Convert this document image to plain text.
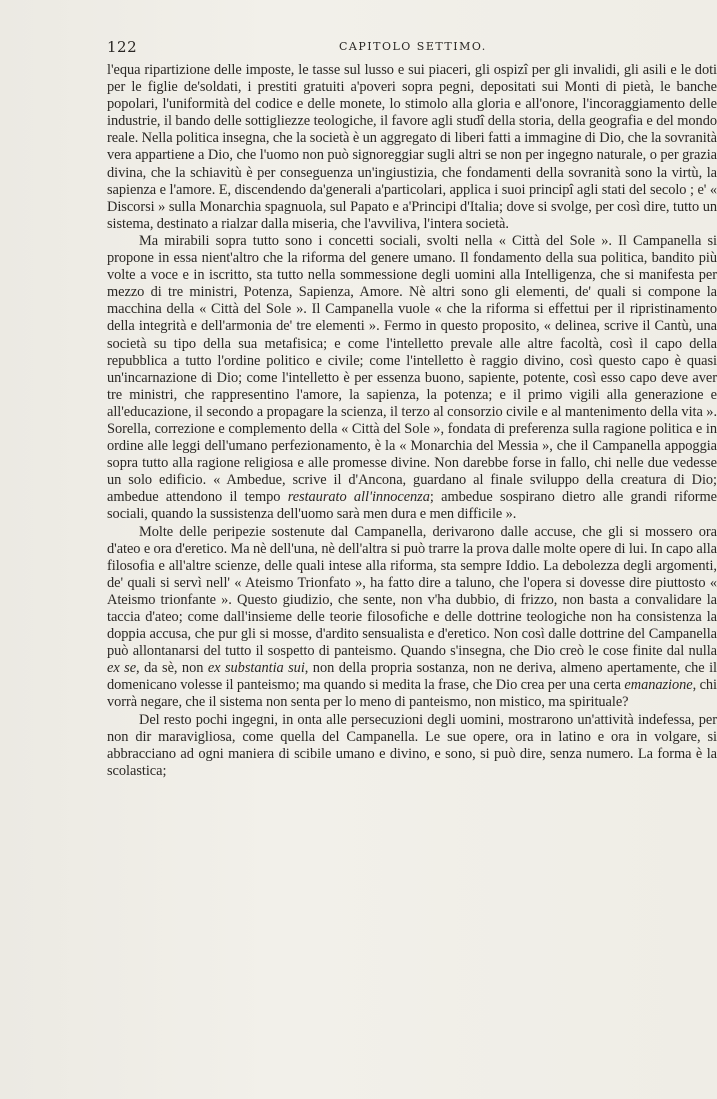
122	CAPITOLO SETTIMO.

l'equa ripartizione delle imposte, le tasse sul lusso e sui piaceri, gli ospizî per gli invalidi, gli asili e le doti per le figlie de'soldati, i prestiti gratuiti a'poveri sopra pegni, depositati sui Monti di pietà, le banche popolari, l'uniformità del codice e delle monete, lo stimolo alla gloria e all'onore, l'incoraggiamento delle industrie, il bando delle sottigliezze teologiche, il favore agli studî della storia, della geografia e del mondo reale. Nella politica insegna, che la società è un aggregato di liberi fatti a immagine di Dio, che la sovranità vera appartiene a Dio, che l'uomo non può signoreggiar sugli altri se non per ingegno naturale, o per grazia divina, che la schiavitù è per conseguenza un'ingiustizia, che fondamenti della sovranità sono la virtù, la sapienza e l'amore. E, discendendo da'generali a'particolari, applica i suoi principî agli stati del secolo ; e' « Discorsi » sulla Monarchia spagnuola, sul Papato e a'Principi d'Italia; dove si svolge, per così dire, tutto un sistema, destinato a rialzar dalla miseria, che l'avviliva, l'intera società.

Ma mirabili sopra tutto sono i concetti sociali, svolti nella « Città del Sole ». Il Campanella si propone in essa nient'altro che la riforma del genere umano. Il fondamento della sua politica, bandito più volte a voce e in iscritto, sta tutto nella sommessione degli uomini alla Intelligenza, che si manifesta per mezzo di tre ministri, Potenza, Sapienza, Amore. Nè altri sono gli elementi, de' quali si compone la macchina della « Città del Sole ». Il Campanella vuole « che la riforma si effettui per il ripristinamento della integrità e dell'armonia de' tre elementi ». Fermo in questo proposito, « delinea, scrive il Cantù, una società su tipo della sua metafisica; e come l'intelletto prevale alle altre facoltà, così il capo della repubblica a tutto l'ordine politico e civile; come l'intelletto è raggio divino, così questo capo è quasi un'incarnazione di Dio; come l'intelletto è per essenza buono, sapiente, potente, così esso capo deve aver tre ministri, che rappresentino l'amore, la sapienza, la potenza; e il primo vigili alla generazione e all'educazione, il secondo a propagare la scienza, il terzo al consorzio civile e al mantenimento della vita ». Sorella, correzione e complemento della « Città del Sole », fondata di preferenza sulla ragione politica e in ordine alle leggi dell'umano perfezionamento, è la « Monarchia del Messia », che il Campanella appoggia sopra tutto alla ragione religiosa e alle promesse divine. Non darebbe forse in fallo, chi nelle due vedesse un solo edificio. « Ambedue, scrive il d'Ancona, guardano al finale sviluppo della creatura di Dio; ambedue attendono il tempo restaurato all'innocenza; ambedue sospirano dietro alle grandi riforme sociali, quando la sussistenza dell'uomo sarà men dura e men difficile ».

Molte delle peripezie sostenute dal Campanella, derivarono dalle accuse, che gli si mossero ora d'ateo e ora d'eretico. Ma nè dell'una, nè dell'altra si può trarre la prova dalle molte opere di lui. In capo alla filosofia e all'altre scienze, delle quali intese alla riforma, sta sempre Iddio. La debolezza degli argomenti, de' quali si servì nell' « Ateismo Trionfato », ha fatto dire a taluno, che l'opera si dovesse dire piuttosto « Ateismo trionfante ». Questo giudizio, che sente, non v'ha dubbio, di frizzo, non basta a convalidare la taccia d'ateo; come dall'insieme delle teorie filosofiche e delle dottrine teologiche non ha consistenza la doppia accusa, che pur gli si mosse, d'ardito sensualista e d'eretico. Non così dalle dottrine del Campanella può allontanarsi del tutto il sospetto di panteismo. Quando s'insegna, che Dio creò le cose finite dal nulla ex se, da sè, non ex substantia sui, non della propria sostanza, non ne deriva, almeno apertamente, che il domenicano volesse il panteismo; ma quando si medita la frase, che Dio crea per una certa emanazione, chi vorrà negare, che il sistema non senta per lo meno di panteismo, non mistico, ma spirituale?

Del resto pochi ingegni, in onta alle persecuzioni degli uomini, mostrarono un'attività indefessa, per non dir maravigliosa, come quella del Campanella. Le sue opere, ora in latino e ora in volgare, si abbracciano ad ogni maniera di scibile umano e divino, e sono, si può dire, senza numero. La forma è la scolastica;
